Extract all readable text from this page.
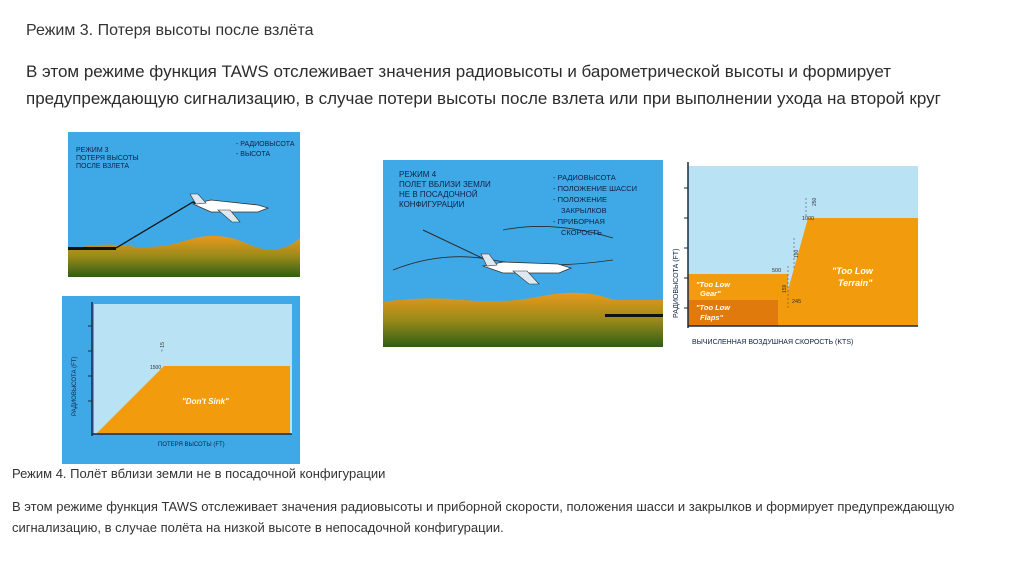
Режим 3. Потеря высоты после взлёта
В этом режиме функция TAWS отслеживает значения радиовысоты и барометрической высоты и формирует предупреждающую сигнализацию, в случае потери высоты после взлета или при выполнении ухода на второй круг
РЕЖИМ 3
ПОТЕРЯ ВЫСОТЫ
ПОСЛЕ ВЗЛЕТА
- РАДИОВЫСОТА
- ВЫСОТА
1500
~ 15
"Don't Sink"
ПОТЕРЯ ВЫСОТЫ (FT)
РАДИОВЫСОТА (FT)
РЕЖИМ 4
ПОЛЕТ ВБЛИЗИ ЗЕМЛИ
НЕ В ПОСАДОЧНОЙ
КОНФИГУРАЦИИ
- РАДИОВЫСОТА
- ПОЛОЖЕНИЕ ШАССИ
- ПОЛОЖЕНИЕ
ЗАКРЫЛКОВ
- ПРИБОРНАЯ
СКОРОСТЬ
1000
500
245
250
190
159
"Too Low
Terrain"
"Too Low
Gear"
"Too Low
Flaps"
ВЫЧИСЛЕННАЯ ВОЗДУШНАЯ СКОРОСТЬ (KTS)
РАДИОВЫСОТА (FT)
Режим 4. Полёт вблизи земли не в посадочной конфигурации
В этом режиме функция TAWS отслеживает значения радиовысоты и приборной скорости, положения шасси и закрылков и формирует предупреждающую сигнализацию, в случае полёта на низкой высоте в непосадочной конфигурации.
